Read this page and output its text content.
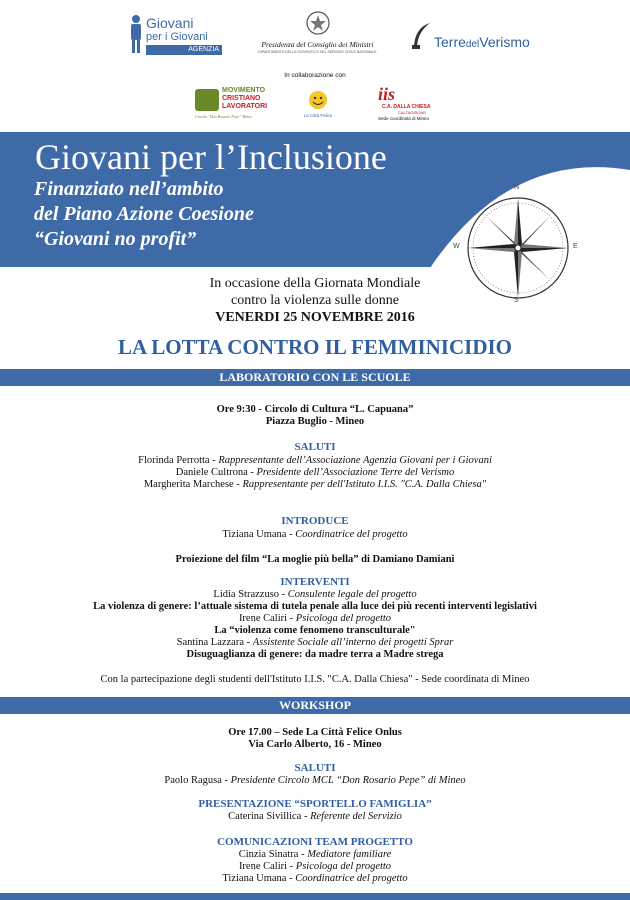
Giovani
per i Giovani
AGENZIA
Presidenza del Consiglio dei Ministri
DIPARTIMENTO DELLA GIOVENTÙ E DEL SERVIZIO CIVILE NAZIONALE
TerredelVerismo
In collaborazione con
MOVIMENTO
CRISTIANO
LAVORATORI
Circolo "Don Rosario Pepe" Mineo	La Città Felice
iis
C.A. DALLA CHIESA
CALTAGIRONE
Sede coordinata di Mineo
Giovani per l’Inclusione
Finanziato nell’ambito
del Piano Azione Coesione
“Giovani no profit”
N
E
S
W
In occasione della Giornata Mondiale
contro la violenza sulle donne
VENERDI 25 NOVEMBRE 2016
LA LOTTA CONTRO IL FEMMINICIDIO
LABORATORIO CON LE SCUOLE
Ore 9:30 - Circolo di Cultura “L. Capuana”
Piazza Buglio - Mineo
SALUTI
Florinda Perrotta - Rappresentante dell’Associazione Agenzia Giovani per i Giovani
Daniele Cultrona - Presidente dell’Associazione Terre del Verismo
Margherita Marchese - Rappresentante per dell'Istituto I.I.S. "C.A. Dalla Chiesa"
INTRODUCE
Tiziana Umana - Coordinatrice del progetto
Proiezione del film “La moglie più bella” di Damiano Damiani
INTERVENTI
Lidia Strazzuso - Consulente legale del progetto
La violenza di genere: l’attuale sistema di tutela penale alla luce dei più recenti interventi legislativi
Irene Caliri - Psicologa del progetto
La “violenza come fenomeno transculturale"
Santina Lazzara - Assistente Sociale all’interno dei progetti Sprar
Disuguaglianza di genere: da madre terra a Madre strega
Con la partecipazione degli studenti dell'Istituto I.I.S. "C.A. Dalla Chiesa" - Sede coordinata di Mineo
WORKSHOP
Ore 17.00 – Sede La Città Felice Onlus
Via Carlo Alberto, 16 - Mineo
SALUTI
Paolo Ragusa - Presidente Circolo MCL “Don Rosario Pepe” di Mineo
PRESENTAZIONE “SPORTELLO FAMIGLIA”
Caterina Sivillica - Referente del Servizio
COMUNICAZIONI TEAM PROGETTO
Cinzia Sinatra - Mediatore familiare
Irene Caliri - Psicologa del progetto
Tiziana Umana - Coordinatrice del progetto
